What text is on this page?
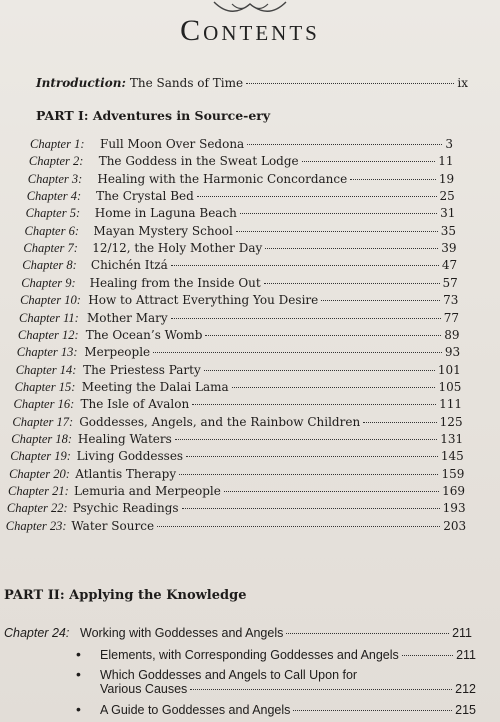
Contents
Introduction: The Sands of Time	ix
PART I: Adventures in Source-ery
Chapter 1:	Full Moon Over Sedona	3
Chapter 2:	The Goddess in the Sweat Lodge	11
Chapter 3:	Healing with the Harmonic Concordance	19
Chapter 4:	The Crystal Bed	25
Chapter 5:	Home in Laguna Beach	31
Chapter 6:	Mayan Mystery School	35
Chapter 7:	12/12, the Holy Mother Day	39
Chapter 8:	Chichén Itzá	47
Chapter 9:	Healing from the Inside Out	57
Chapter 10: How to Attract Everything You Desire	73
Chapter 11: Mother Mary	77
Chapter 12: The Ocean’s Womb	89
Chapter 13: Merpeople	93
Chapter 14: The Priestess Party	101
Chapter 15: Meeting the Dalai Lama	105
Chapter 16: The Isle of Avalon	111
Chapter 17: Goddesses, Angels, and the Rainbow Children	125
Chapter 18: Healing Waters	131
Chapter 19: Living Goddesses	145
Chapter 20: Atlantis Therapy	159
Chapter 21: Lemuria and Merpeople	169
Chapter 22: Psychic Readings	193
Chapter 23: Water Source	203
PART II: Applying the Knowledge
Chapter 24: Working with Goddesses and Angels	211
•	Elements, with Corresponding Goddesses and Angels	211
•	Which Goddesses and Angels to Call Upon for
Various Causes	212
•	A Guide to Goddesses and Angels	215
